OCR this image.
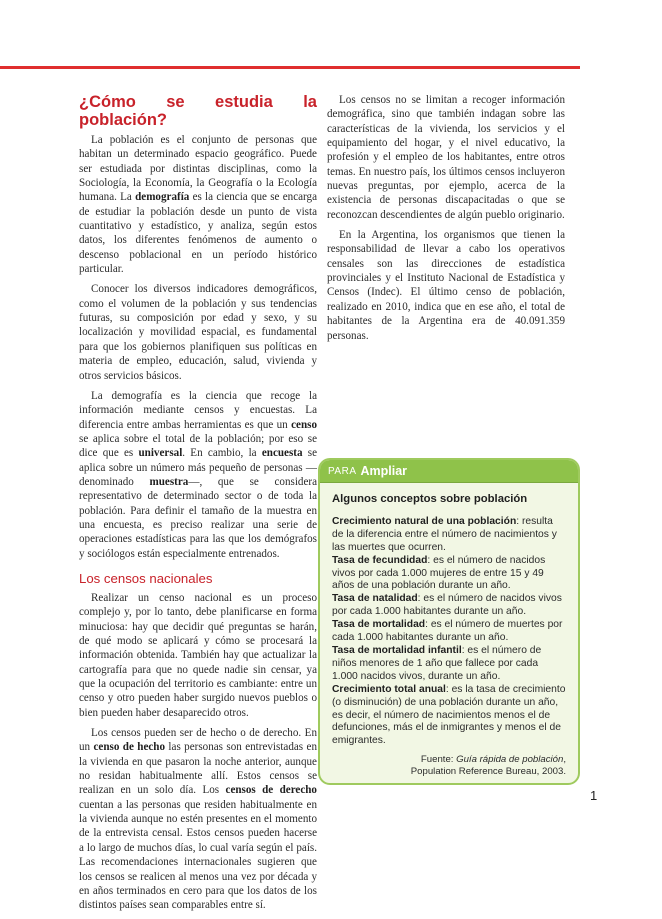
¿Cómo se estudia la población?

La población es el conjunto de personas que habitan un determinado espacio geográfico. Puede ser estudiada por distintas disciplinas, como la Sociología, la Economía, la Geografía o la Ecología humana. La demografía es la ciencia que se encarga de estudiar la población desde un punto de vista cuantitativo y estadístico, y analiza, según estos datos, los diferentes fenómenos de aumento o descenso poblacional en un período histórico particular.

Conocer los diversos indicadores demográficos, como el volumen de la población y sus tendencias futuras, su composición por edad y sexo, y su localización y movilidad espacial, es fundamental para que los gobiernos planifiquen sus políticas en materia de empleo, educación, salud, vivienda y otros servicios básicos.

La demografía es la ciencia que recoge la información mediante censos y encuestas. La diferencia entre ambas herramientas es que un censo se aplica sobre el total de la población; por eso se dice que es universal. En cambio, la encuesta se aplica sobre un número más pequeño de personas —denominado muestra—, que se considera representativo de determinado sector o de toda la población. Para definir el tamaño de la muestra en una encuesta, es preciso realizar una serie de operaciones estadísticas para las que los demógrafos y sociólogos están especialmente entrenados.

Los censos nacionales

Realizar un censo nacional es un proceso complejo y, por lo tanto, debe planificarse en forma minuciosa: hay que decidir qué preguntas se harán, de qué modo se aplicará y cómo se procesará la información obtenida. También hay que actualizar la cartografía para que no quede nadie sin censar, ya que la ocupación del territorio es cambiante: entre un censo y otro pueden haber surgido nuevos pueblos o bien pueden haber desaparecido otros.

Los censos pueden ser de hecho o de derecho. En un censo de hecho las personas son entrevistadas en la vivienda en que pasaron la noche anterior, aunque no residan habitualmente allí. Estos censos se realizan en un solo día. Los censos de derecho cuentan a las personas que residen habitualmente en la vivienda aunque no estén presentes en el momento de la entrevista censal. Estos censos pueden hacerse a lo largo de muchos días, lo cual varía según el país. Las recomendaciones internacionales sugieren que los censos se realicen al menos una vez por década y en años terminados en cero para que los datos de los distintos países sean comparables entre sí.

Los censos no se limitan a recoger información demográfica, sino que también indagan sobre las características de la vivienda, los servicios y el equipamiento del hogar, y el nivel educativo, la profesión y el empleo de los habitantes, entre otros temas. En nuestro país, los últimos censos incluyeron nuevas preguntas, por ejemplo, acerca de la existencia de personas discapacitadas o que se reconozcan descendientes de algún pueblo originario.

En la Argentina, los organismos que tienen la responsabilidad de llevar a cabo los operativos censales son las direcciones de estadística provinciales y el Instituto Nacional de Estadística y Censos (Indec). El último censo de población, realizado en 2010, indica que en ese año, el total de habitantes de la Argentina era de 40.091.359 personas.

PARA Ampliar
Algunos conceptos sobre población

Crecimiento natural de una población: resulta de la diferencia entre el número de nacimientos y las muertes que ocurren.

Tasa de fecundidad: es el número de nacidos vivos por cada 1.000 mujeres de entre 15 y 49 años de una población durante un año.

Tasa de natalidad: es el número de nacidos vivos por cada 1.000 habitantes durante un año.

Tasa de mortalidad: es el número de muertes por cada 1.000 habitantes durante un año.

Tasa de mortalidad infantil: es el número de niños menores de 1 año que fallece por cada 1.000 nacidos vivos, durante un año.

Crecimiento total anual: es la tasa de crecimiento (o disminución) de una población durante un año, es decir, el número de nacimientos menos el de defunciones, más el de inmigrantes y menos el de emigrantes.

Fuente: Guía rápida de población,
Population Reference Bureau, 2003.
1
